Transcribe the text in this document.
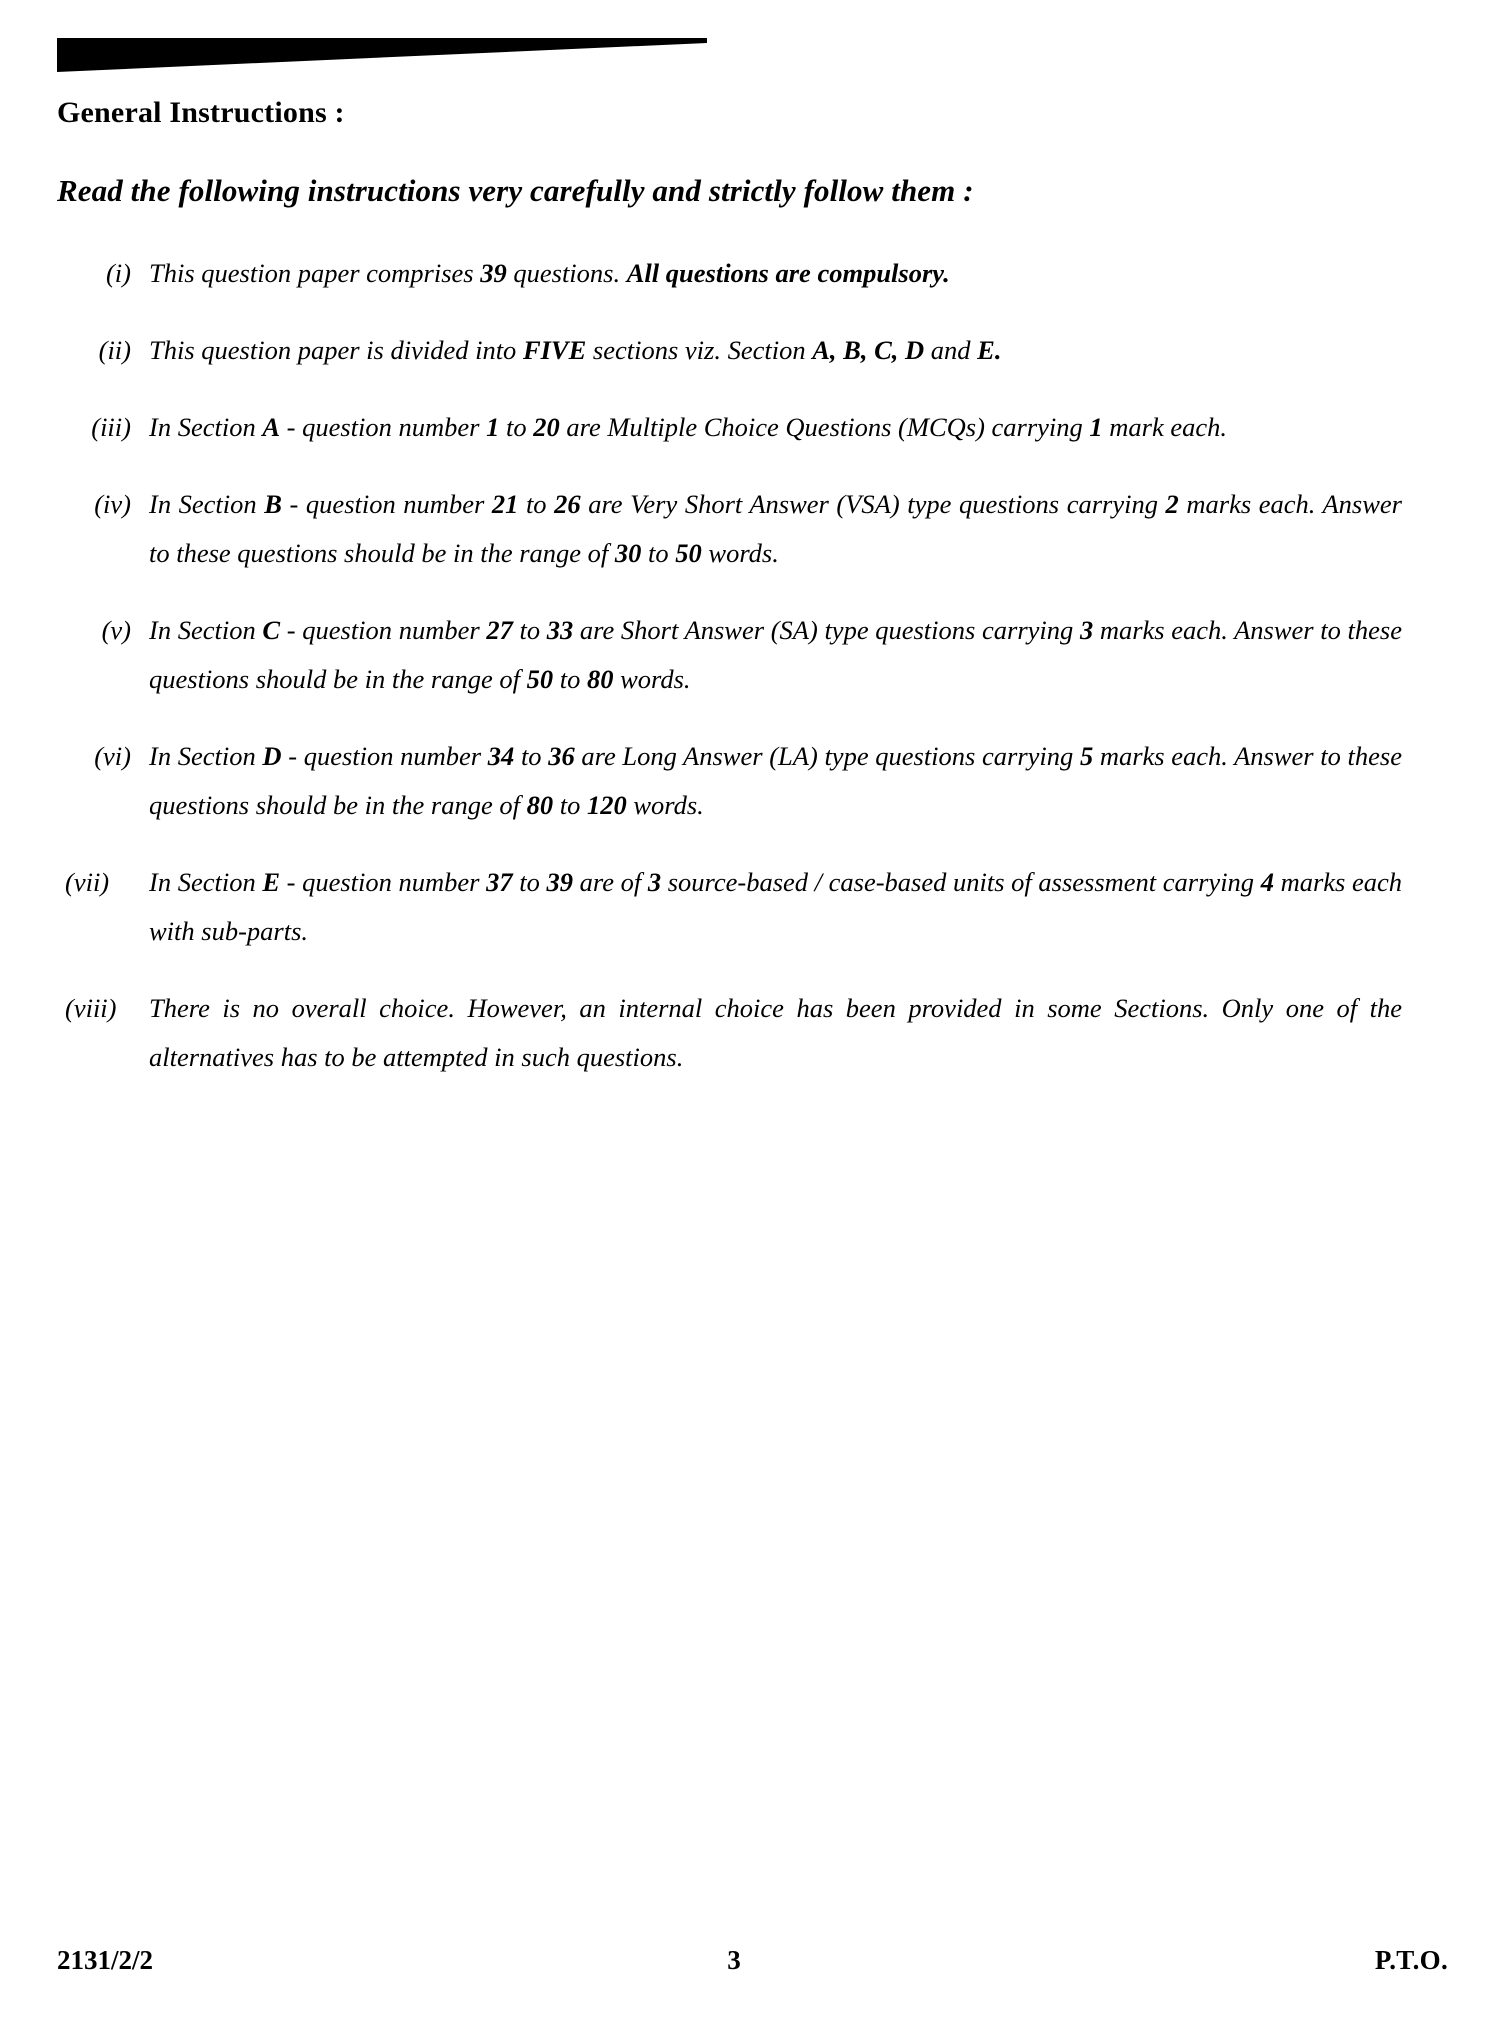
General Instructions :
Read the following instructions very carefully and strictly follow them :
(i) This question paper comprises 39 questions. All questions are compulsory.
(ii) This question paper is divided into FIVE sections viz. Section A, B, C, D and E.
(iii) In Section A - question number 1 to 20 are Multiple Choice Questions (MCQs) carrying 1 mark each.
(iv) In Section B - question number 21 to 26 are Very Short Answer (VSA) type questions carrying 2 marks each. Answer to these questions should be in the range of 30 to 50 words.
(v) In Section C - question number 27 to 33 are Short Answer (SA) type questions carrying 3 marks each. Answer to these questions should be in the range of 50 to 80 words.
(vi) In Section D - question number 34 to 36 are Long Answer (LA) type questions carrying 5 marks each. Answer to these questions should be in the range of 80 to 120 words.
(vii)	In Section E - question number 37 to 39 are of 3 source-based / case-based units of assessment carrying 4 marks each with sub-parts.
(viii)	There is no overall choice. However, an internal choice has been provided in some Sections. Only one of the alternatives has to be attempted in such questions.
2131/2/2	3	P.T.O.
